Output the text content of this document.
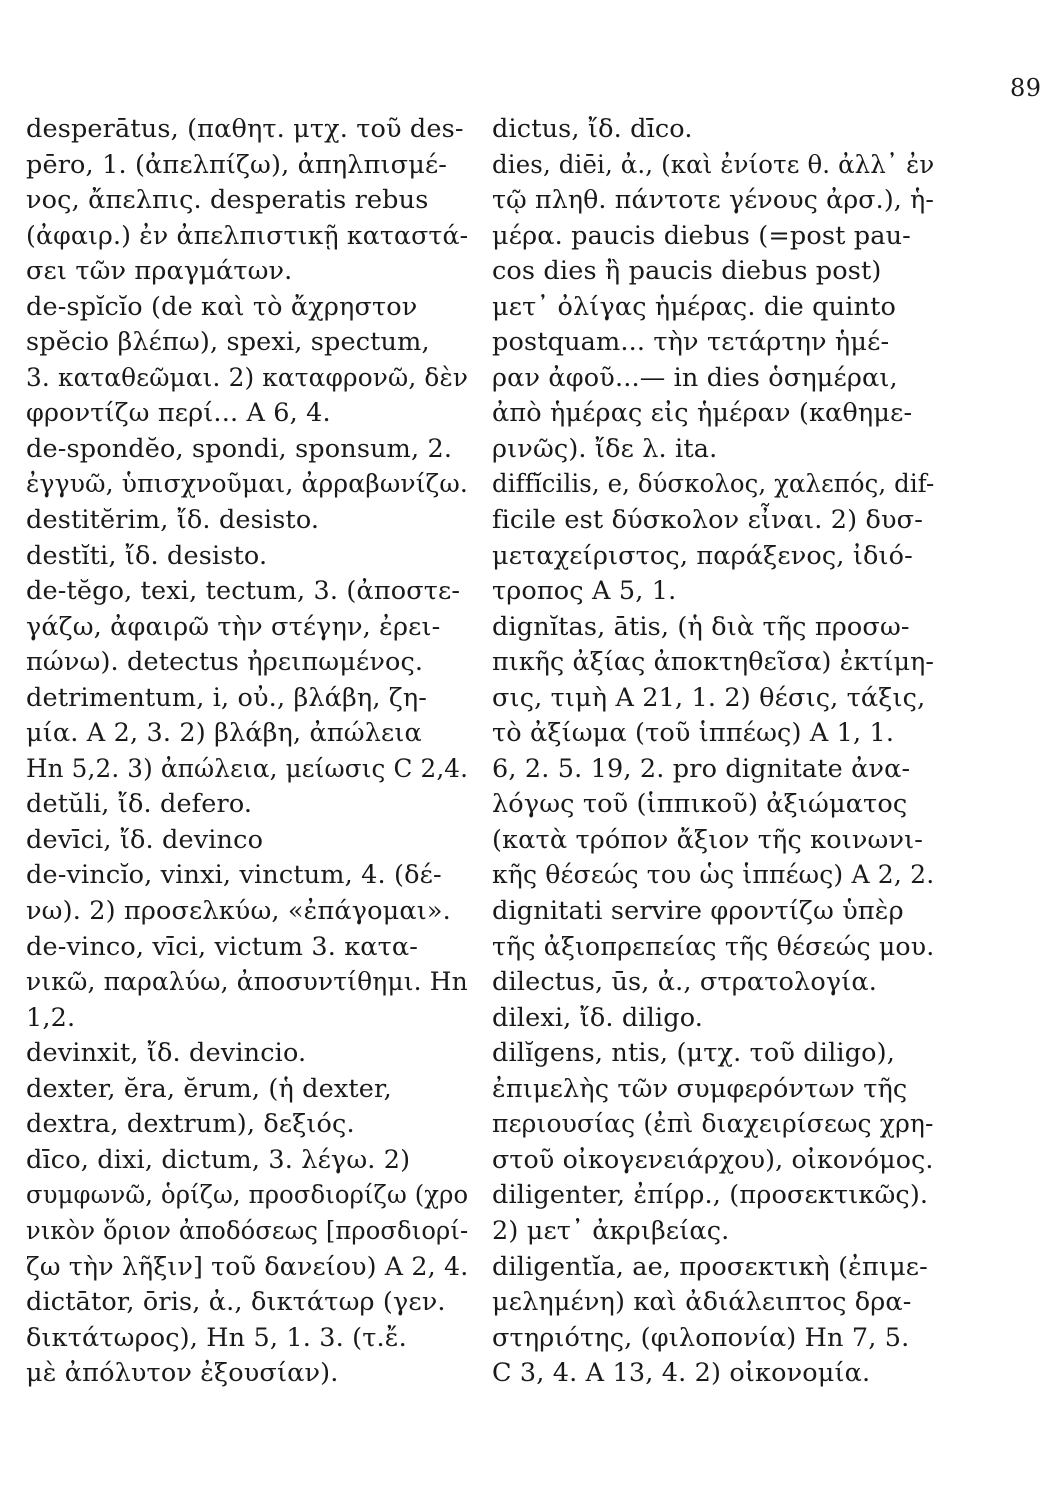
89
desperātus, (παθητ. μτχ. τοῦ des-
pēro, 1. (ἀπελπίζω), ἀπηλπισμέ-
νος, ἄπελπις. desperatis rebus
(ἀφαιρ.) ἐν ἀπελπιστικῇ καταστά-
σει τῶν πραγμάτων.
de-spĭcĭo (de καὶ τὸ ἄχρηστον
spĕcio βλέπω), spexi, spectum,
3. καταθεῶμαι. 2) καταφρονῶ, δὲν
φροντίζω περί... A 6, 4.
de-spondĕo, spondi, sponsum, 2.
ἐγγυῶ, ὑπισχνοῦμαι, ἀρραβωνίζω.
destitĕrim, ἴδ. desisto.
destĭti, ἴδ. desisto.
de-tĕgo, texi, tectum, 3. (ἀποστε-
γάζω, ἀφαιρῶ τὴν στέγην, ἐρει-
πώνω). detectus ἠρειπωμένος.
detrimentum, i, οὐ., βλάβη, ζη-
μία. A 2, 3. 2) βλάβη, ἀπώλεια
Hn 5,2. 3) ἀπώλεια, μείωσις C 2,4.
detŭli, ἴδ. defero.
devīci, ἴδ. devinco
de-vincĭo, vinxi, vinctum, 4. (δέ-
νω). 2) προσελκύω, «ἐπάγομαι».
de-vinco, vīci, victum 3. κατα-
νικῶ, παραλύω, ἀποσυντίθημι. Hn
1,2.
devinxit, ἴδ. devincio.
dexter, ĕra, ĕrum, (ἡ dexter,
dextra, dextrum), δεξιός.
dīco, dixi, dictum, 3. λέγω. 2)
συμφωνῶ, ὁρίζω, προσδιορίζω (χρο
νικὸν ὅριον ἀποδόσεως [προσδιορί-
ζω τὴν λῆξιν] τοῦ δανείου) A 2, 4.
dictātor, ōris, ἀ., δικτάτωρ (γεν.
δικτάτωρος), Hn 5, 1. 3. (τ.ἔ.
μὲ ἀπόλυτον ἐξουσίαν).
dictus, ἴδ. dīco.
dies, diēi, ἀ., (καὶ ἐνίοτε θ. ἀλλ᾽ ἐν
τῷ πληθ. πάντοτε γένους ἀρσ.), ἡ-
μέρα. paucis diebus (=post pau-
cos dies ἢ paucis diebus post)
μετ᾽ ὀλίγας ἡμέρας. die quinto
postquam... τὴν τετάρτην ἡμέ-
ραν ἀφοῦ...— in dies ὁσημέραι,
ἀπὸ ἡμέρας εἰς ἡμέραν (καθημε-
ρινῶς). ἴδε λ. ita.
diffĭcilis, e, δύσκολος, χαλεπός, dif-
ficile est δύσκολον εἶναι. 2) δυσ-
μεταχείριστος, παράξενος, ἰδιό-
τροπος A 5, 1.
dignĭtas, ātis, (ἡ διὰ τῆς προσω-
πικῆς ἀξίας ἀποκτηθεῖσα) ἐκτίμη-
σις, τιμὴ A 21, 1. 2) θέσις, τάξις,
τὸ ἀξίωμα (τοῦ ἱππέως) A 1, 1.
6, 2. 5. 19, 2. pro dignitate ἀνα-
λόγως τοῦ (ἱππικοῦ) ἀξιώματος
(κατὰ τρόπον ἄξιον τῆς κοινωνι-
κῆς θέσεώς του ὡς ἱππέως) A 2, 2.
dignitati servire φροντίζω ὑπὲρ
τῆς ἀξιοπρεπείας τῆς θέσεώς μου.
dilectus, ūs, ἀ., στρατολογία.
dilexi, ἴδ. diligo.
dilĭgens, ntis, (μτχ. τοῦ diligo),
ἐπιμελὴς τῶν συμφερόντων τῆς
περιουσίας (ἐπὶ διαχειρίσεως χρη-
στοῦ οἰκογενειάρχου), οἰκονόμος.
diligenter, ἐπίρρ., (προσεκτικῶς).
2) μετ᾽ ἀκριβείας.
diligentĭa, ae, προσεκτικὴ (ἐπιμε-
μελημένη) καὶ ἀδιάλειπτος δρα-
στηριότης, (φιλοπονία) Hn 7, 5.
C 3, 4. A 13, 4. 2) οἰκονομία.
